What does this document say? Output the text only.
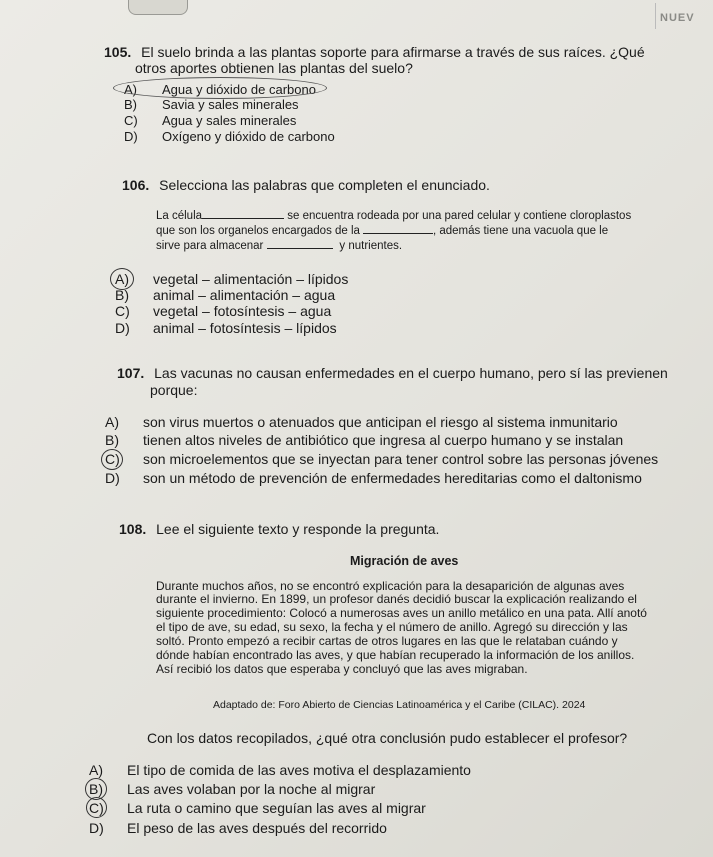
NUEV
105. El suelo brinda a las plantas soporte para afirmarse a través de sus raíces. ¿Qué
otros aportes obtienen las plantas del suelo?
A) Agua y dióxido de carbono
B) Savia y sales minerales
C) Agua y sales minerales
D) Oxígeno y dióxido de carbono
106. Selecciona las palabras que completen el enunciado.
La célula	se encuentra rodeada por una pared celular y contiene cloroplastos
que son los organelos encargados de la	, además tiene una vacuola que le
sirve para almacenar	y nutrientes.
A) vegetal – alimentación – lípidos
B) animal – alimentación – agua
C) vegetal – fotosíntesis – agua
D) animal – fotosíntesis – lípidos
107. Las vacunas no causan enfermedades en el cuerpo humano, pero sí las previenen
porque:
A) son virus muertos o atenuados que anticipan el riesgo al sistema inmunitario
B) tienen altos niveles de antibiótico que ingresa al cuerpo humano y se instalan
C) son microelementos que se inyectan para tener control sobre las personas jóvenes
D) son un método de prevención de enfermedades hereditarias como el daltonismo
108. Lee el siguiente texto y responde la pregunta.
Migración de aves
Durante muchos años, no se encontró explicación para la desaparición de algunas aves
durante el invierno. En 1899, un profesor danés decidió buscar la explicación realizando el
siguiente procedimiento: Colocó a numerosas aves un anillo metálico en una pata. Allí anotó
el tipo de ave, su edad, su sexo, la fecha y el número de anillo. Agregó su dirección y las
soltó. Pronto empezó a recibir cartas de otros lugares en las que le relataban cuándo y
dónde habían encontrado las aves, y que habían recuperado la información de los anillos.
Así recibió los datos que esperaba y concluyó que las aves migraban.
Adaptado de: Foro Abierto de Ciencias Latinoamérica y el Caribe (CILAC). 2024
Con los datos recopilados, ¿qué otra conclusión pudo establecer el profesor?
A) El tipo de comida de las aves motiva el desplazamiento
B) Las aves volaban por la noche al migrar
C) La ruta o camino que seguían las aves al migrar
D) El peso de las aves después del recorrido
